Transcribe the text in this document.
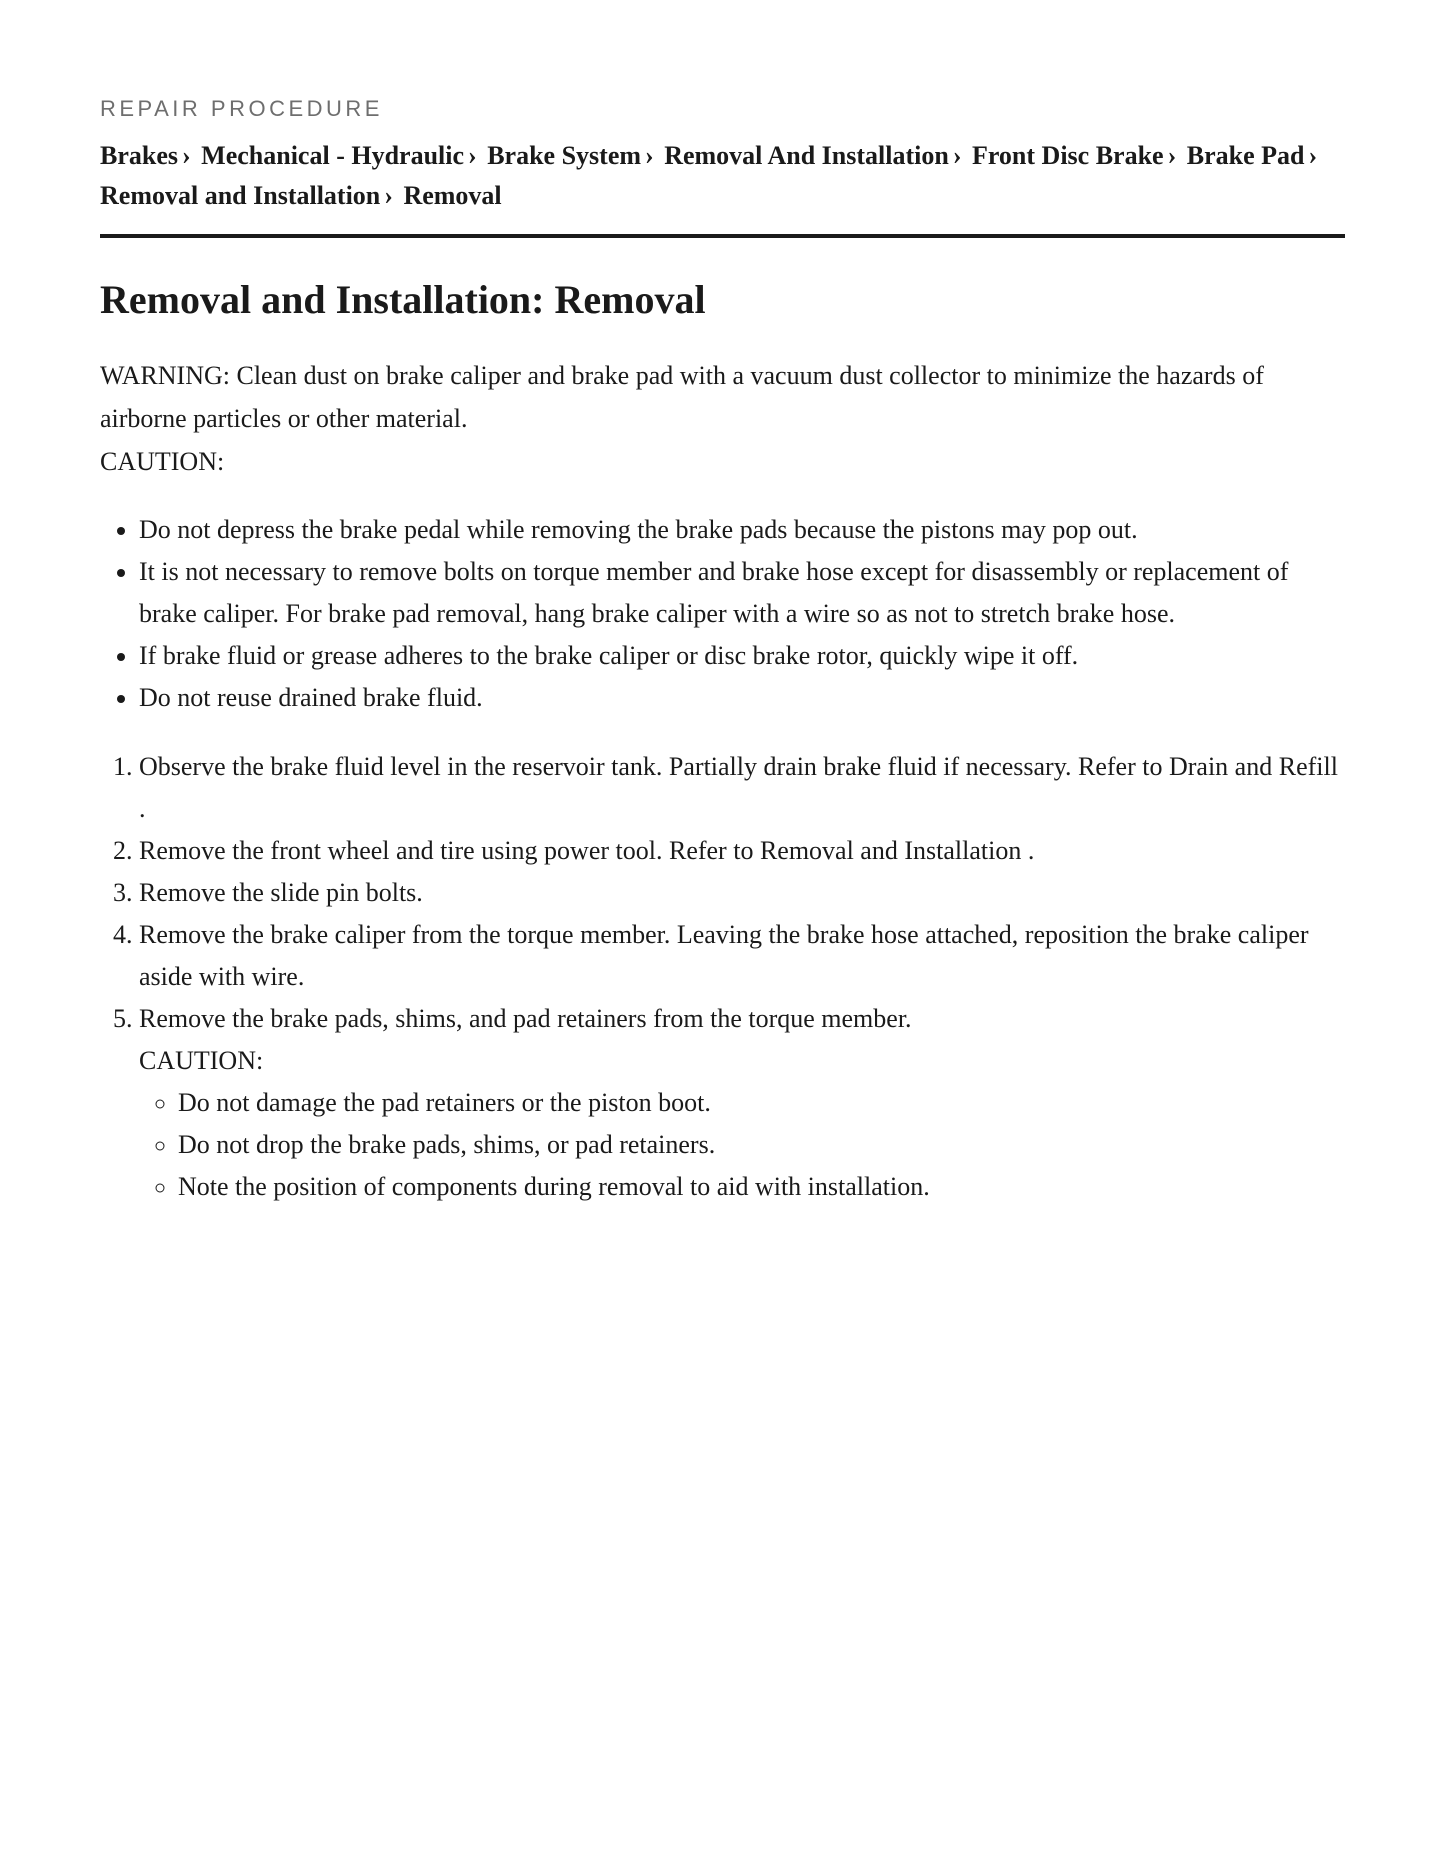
REPAIR PROCEDURE
Brakes › Mechanical - Hydraulic › Brake System › Removal And Installation › Front Disc Brake › Brake Pad › Removal and Installation › Removal
Removal and Installation: Removal

WARNING: Clean dust on brake caliper and brake pad with a vacuum dust collector to minimize the hazards of airborne particles or other material.

CAUTION:

• Do not depress the brake pedal while removing the brake pads because the pistons may pop out.
• It is not necessary to remove bolts on torque member and brake hose except for disassembly or replacement of brake caliper. For brake pad removal, hang brake caliper with a wire so as not to stretch brake hose.
• If brake fluid or grease adheres to the brake caliper or disc brake rotor, quickly wipe it off.
• Do not reuse drained brake fluid.
1. Observe the brake fluid level in the reservoir tank. Partially drain brake fluid if necessary. Refer to Drain and Refill .
2. Remove the front wheel and tire using power tool. Refer to Removal and Installation .
3. Remove the slide pin bolts.
4. Remove the brake caliper from the torque member. Leaving the brake hose attached, reposition the brake caliper aside with wire.
5. Remove the brake pads, shims, and pad retainers from the torque member.
CAUTION:
◦ Do not damage the pad retainers or the piston boot.
◦ Do not drop the brake pads, shims, or pad retainers.
◦ Note the position of components during removal to aid with installation.
